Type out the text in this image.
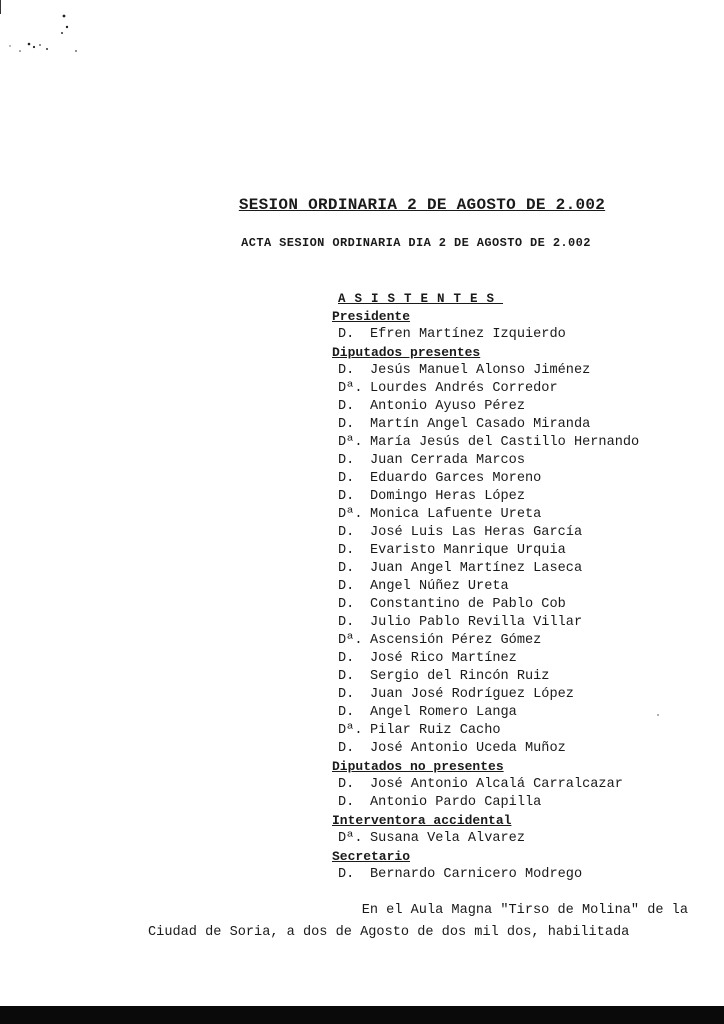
SESION ORDINARIA 2 DE AGOSTO DE 2.002
ACTA SESION ORDINARIA DIA 2 DE AGOSTO DE 2.002
ASISTENTES
Presidente
D. Efren Martínez Izquierdo
Diputados presentes
D. Jesús Manuel Alonso Jiménez
Dª. Lourdes Andrés Corredor
D. Antonio Ayuso Pérez
D. Martín Angel Casado Miranda
Dª. María Jesús del Castillo Hernando
D. Juan Cerrada Marcos
D. Eduardo Garces Moreno
D. Domingo Heras López
Dª. Monica Lafuente Ureta
D. José Luis Las Heras García
D. Evaristo Manrique Urquia
D. Juan Angel Martínez Laseca
D. Angel Núñez Ureta
D. Constantino de Pablo Cob
D. Julio Pablo Revilla Villar
Dª. Ascensión Pérez Gómez
D. José Rico Martínez
D. Sergio del Rincón Ruiz
D. Juan José Rodríguez López
D. Angel Romero Langa
Dª. Pilar Ruiz Cacho
D. José Antonio Uceda Muñoz
Diputados no presentes
D. José Antonio Alcalá Carralcazar
D. Antonio Pardo Capilla
Interventora accidental
Dª. Susana Vela Alvarez
Secretario
D. Bernardo Carnicero Modrego
En el Aula Magna "Tirso de Molina" de la
Ciudad de Soria, a dos de Agosto de dos mil dos, habilitada
